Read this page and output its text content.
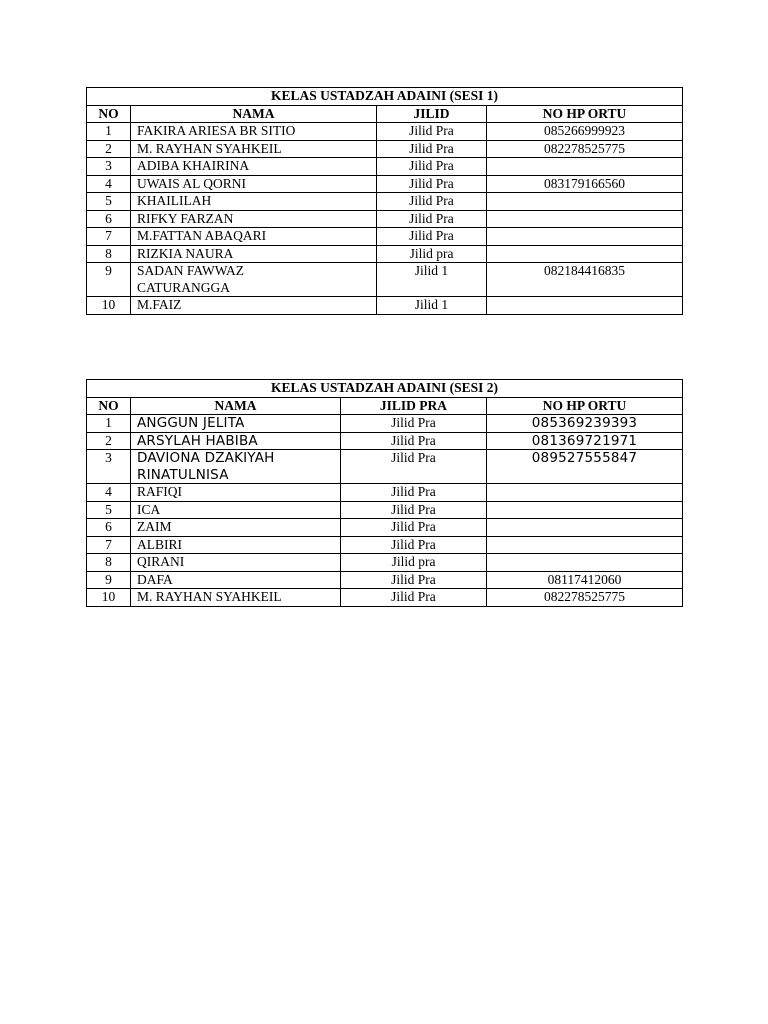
KELAS USTADZAH ADAINI (SESI 1)			
NO	NAMA	JILID	NO HP ORTU
1	FAKIRA ARIESA BR SITIO	Jilid Pra	085266999923
2	M. RAYHAN SYAHKEIL	Jilid Pra	082278525775
3	ADIBA KHAIRINA	Jilid Pra	
4	UWAIS AL QORNI	Jilid Pra	083179166560
5	KHAILILAH	Jilid Pra	
6	RIFKY FARZAN	Jilid Pra	
7	M.FATTAN ABAQARI	Jilid Pra	
8	RIZKIA NAURA	Jilid pra	
9	SADAN FAWWAZ
CATURANGGA	Jilid 1	082184416835
10	M.FAIZ	Jilid 1	
KELAS USTADZAH ADAINI (SESI 2)			
NO	NAMA	JILID PRA	NO HP ORTU
1	ANGGUN JELITA	Jilid Pra	085369239393
2	ARSYLAH HABIBA	Jilid Pra	081369721971
3	DAVIONA DZAKIYAH
RINATULNISA	Jilid Pra	089527555847
4	RAFIQI	Jilid Pra	
5	ICA	Jilid Pra	
6	ZAIM	Jilid Pra	
7	ALBIRI	Jilid Pra	
8	QIRANI	Jilid pra	
9	DAFA	Jilid Pra	08117412060
10	M. RAYHAN SYAHKEIL	Jilid Pra	082278525775
